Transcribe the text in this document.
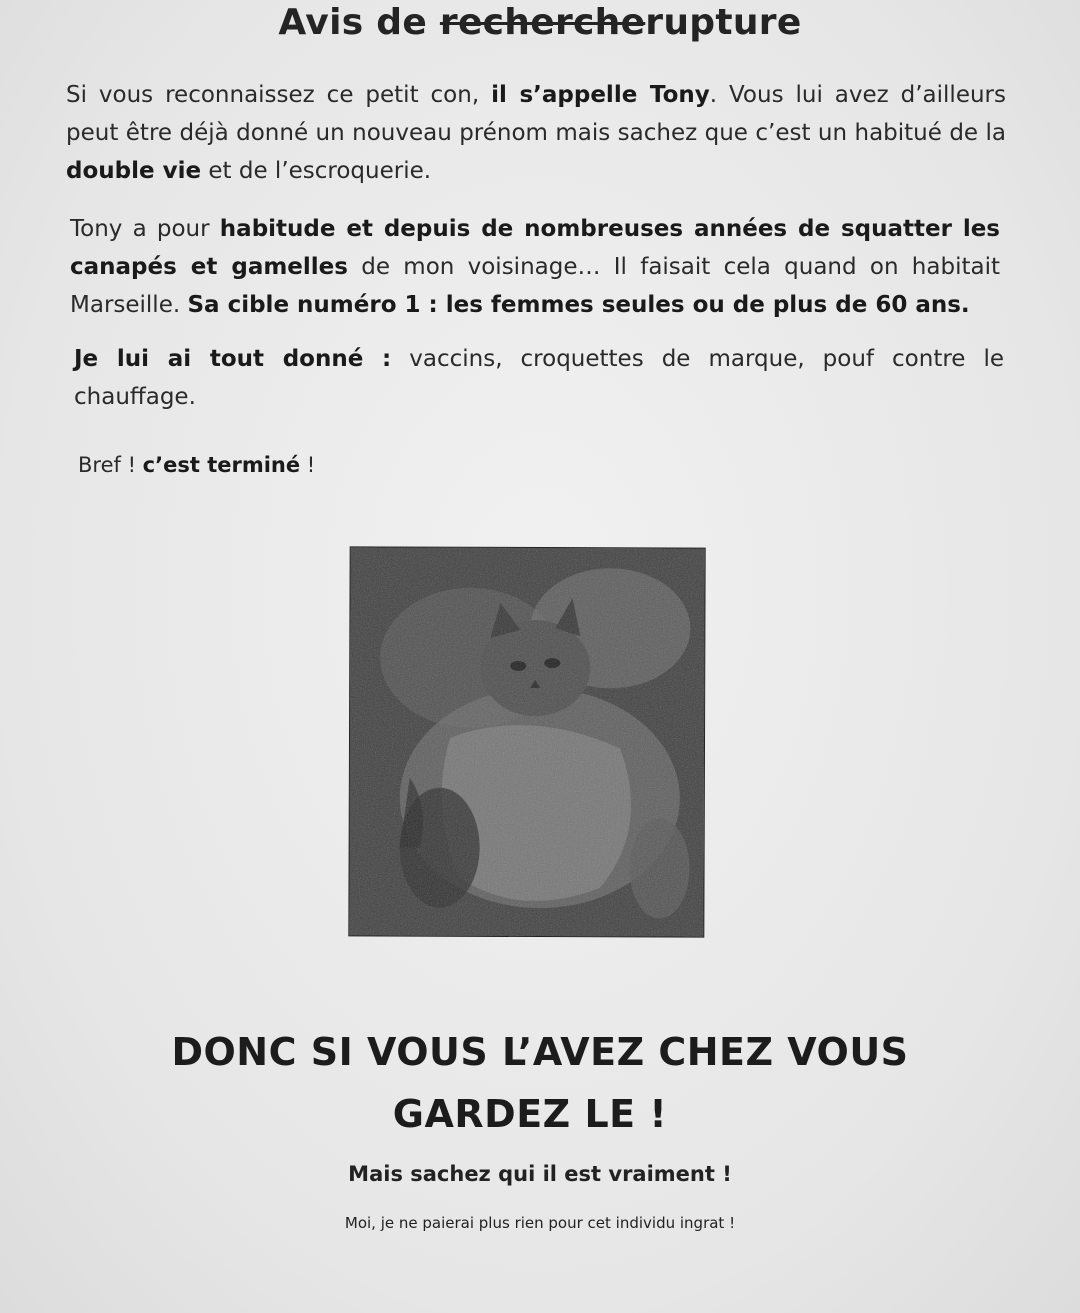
Avis de rechercherupture
Si vous reconnaissez ce petit con, il s’appelle Tony. Vous lui avez d’ailleurs peut être déjà donné un nouveau prénom mais sachez que c’est un habitué de la double vie et de l’escroquerie.
Tony a pour habitude et depuis de nombreuses années de squatter les canapés et gamelles de mon voisinage… Il faisait cela quand on habitait Marseille. Sa cible numéro 1 : les femmes seules ou de plus de 60 ans.
Je lui ai tout donné : vaccins, croquettes de marque, pouf contre le chauffage.
Bref ! c’est terminé !
DONC SI VOUS L’AVEZ CHEZ VOUS
GARDEZ LE !
Mais sachez qui il est vraiment !
Moi, je ne paierai plus rien pour cet individu ingrat !
